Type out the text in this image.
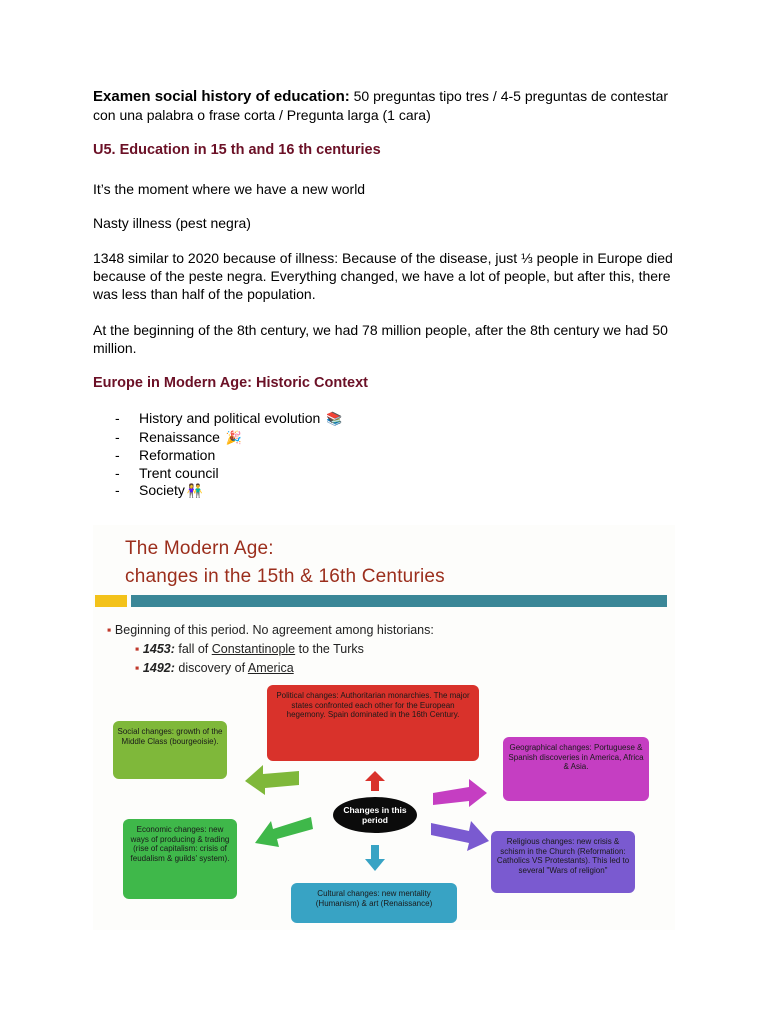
Examen social history of education: 50 preguntas tipo tres / 4-5 preguntas de contestar con una palabra o frase corta / Pregunta larga (1 cara)
U5. Education in 15 th and 16 th centuries
It’s the moment where we have a new world
Nasty illness (pest negra)
1348 similar to 2020 because of illness: Because of the disease, just ⅓ people in Europe died because of the peste negra. Everything changed, we have a lot of people, but after this, there was less than half of the population.
At the beginning of the 8th century, we had 78 million people, after the 8th century we had 50 million.
Europe in Modern Age: Historic Context
- History and political evolution 📚
- Renaissance 🎉
- Reformation
- Trent council
- Society 👫
The Modern Age:
changes in the 15th & 16th Centuries
▪ Beginning of this period. No agreement among historians:
▪ 1453: fall of Constantinople to the Turks
▪ 1492: discovery of America
Political changes: Authoritarian monarchies. The major states confronted each other for the European hegemony. Spain dominated in the 16th Century.
Social changes: growth of the Middle Class (bourgeoisie).
Geographical changes: Portuguese & Spanish discoveries in America, Africa & Asia.
Economic changes: new ways of producing & trading (rise of capitalism: crisis of feudalism & guilds' system).
Religious changes: new crisis & schism in the Church (Reformation: Catholics VS Protestants). This led to several "Wars of religion"
Cultural changes: new mentality (Humanism) & art (Renaissance)
Changes in this period
